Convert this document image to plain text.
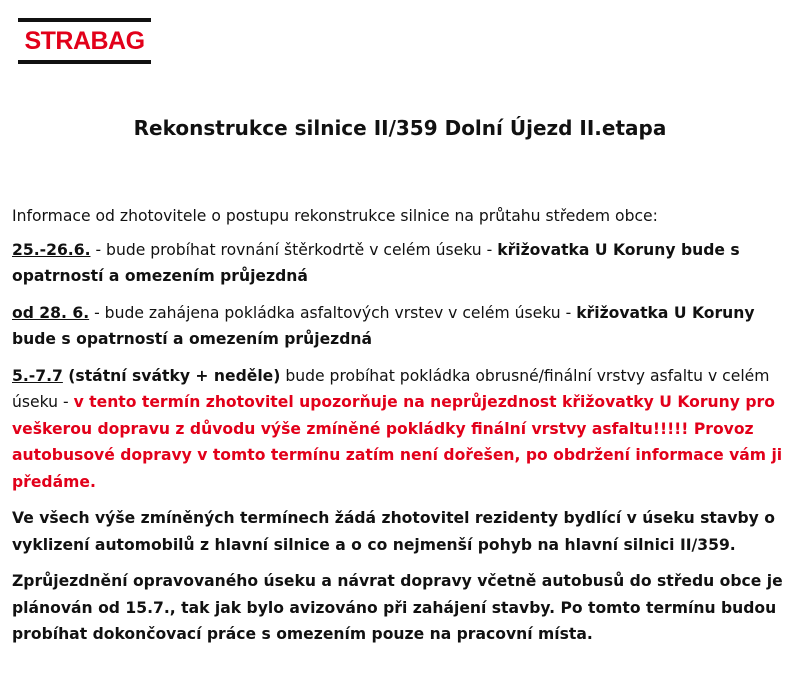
STRABAG
Rekonstrukce silnice II/359 Dolní Újezd II.etapa

Informace od zhotovitele o postupu rekonstrukce silnice na průtahu středem obce:

25.-26.6. - bude probíhat rovnání štěrkodrtě v celém úseku - křižovatka U Koruny bude s opatrností a omezením průjezdná

od 28. 6. - bude zahájena pokládka asfaltových vrstev v celém úseku - křižovatka U Koruny bude s opatrností a omezením průjezdná

5.-7.7 (státní svátky + neděle) bude probíhat pokládka obrusné/finální vrstvy asfaltu v celém úseku - v tento termín zhotovitel upozorňuje na neprůjezdnost křižovatky U Koruny pro veškerou dopravu z důvodu výše zmíněné pokládky finální vrstvy asfaltu!!!!! Provoz autobusové dopravy v tomto termínu zatím není dořešen, po obdržení informace vám ji předáme.

Ve všech výše zmíněných termínech žádá zhotovitel rezidenty bydlící v úseku stavby o vyklizení automobilů z hlavní silnice a o co nejmenší pohyb na hlavní silnici II/359.

Zprůjezdnění opravovaného úseku a návrat dopravy včetně autobusů do středu obce je plánován od 15.7., tak jak bylo avizováno při zahájení stavby. Po tomto termínu budou probíhat dokončovací práce s omezením pouze na pracovní místa.
